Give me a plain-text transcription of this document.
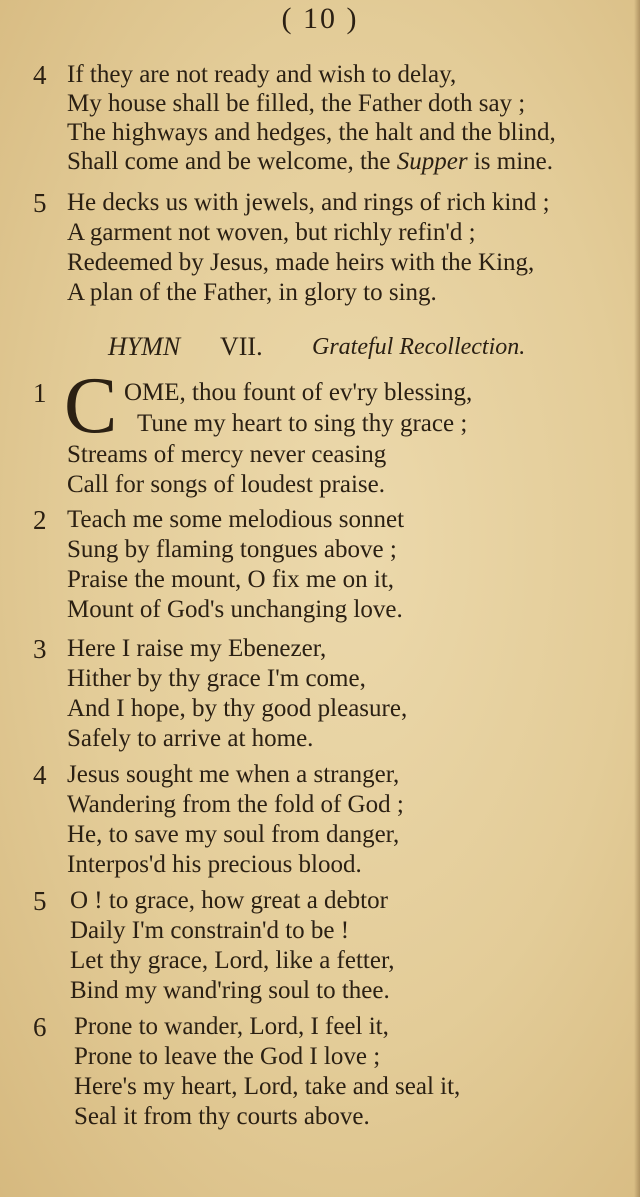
( 10 )
4 If they are not ready and wish to delay,
My house shall be filled, the Father doth say ;
The highways and hedges, the halt and the blind,
Shall come and be welcome, the Supper is mine.
5 He decks us with jewels, and rings of rich kind ;
A garment not woven, but richly refin'd ;
Redeemed by Jesus, made heirs with the King,
A plan of the Father, in glory to sing.
HYMN VII. Grateful Recollection.
C
1	OME, thou fount of ev'ry blessing,
Tune my heart to sing thy grace ;
Streams of mercy never ceasing
Call for songs of loudest praise.
2 Teach me some melodious sonnet
Sung by flaming tongues above ;
Praise the mount, O fix me on it,
Mount of God's unchanging love.
3 Here I raise my Ebenezer,
Hither by thy grace I'm come,
And I hope, by thy good pleasure,
Safely to arrive at home.
4 Jesus sought me when a stranger,
Wandering from the fold of God ;
He, to save my soul from danger,
Interpos'd his precious blood.
5 O ! to grace, how great a debtor
Daily I'm constrain'd to be !
Let thy grace, Lord, like a fetter,
Bind my wand'ring soul to thee.
6 Prone to wander, Lord, I feel it,
Prone to leave the God I love ;
Here's my heart, Lord, take and seal it,
Seal it from thy courts above.
